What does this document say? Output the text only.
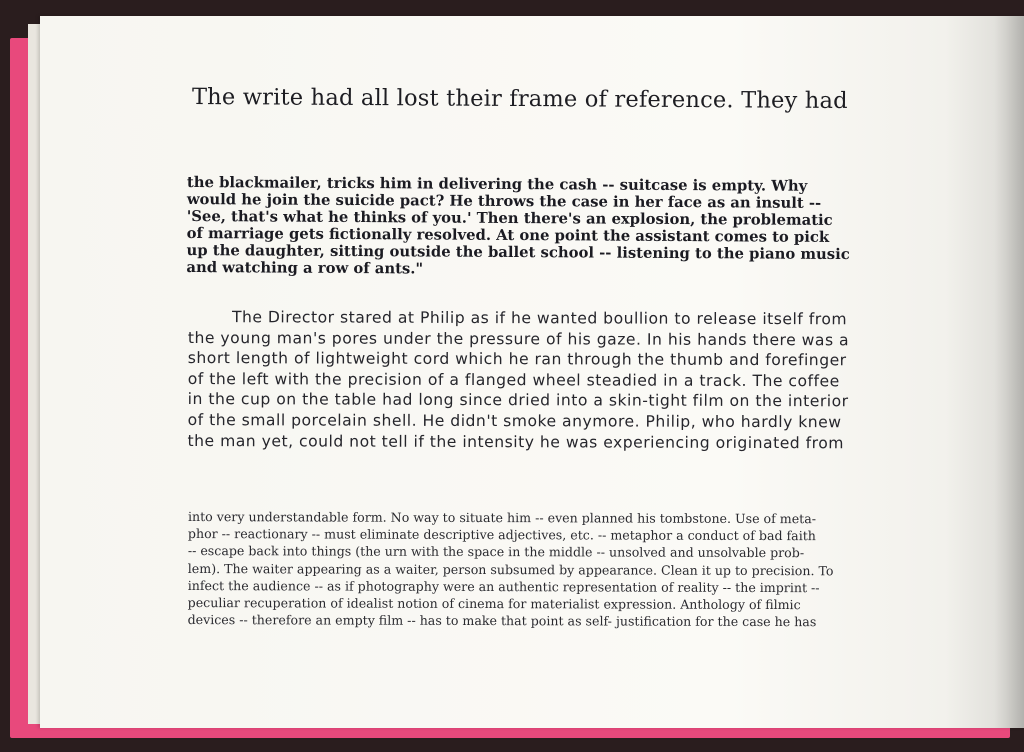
The write had all lost their frame of reference. They had
the blackmailer, tricks him in delivering the cash -- suitcase is empty. Why
would he join the suicide pact? He throws the case in her face as an insult --
'See, that's what he thinks of you.' Then there's an explosion, the problematic
of marriage gets fictionally resolved. At one point the assistant comes to pick
up the daughter, sitting outside the ballet school -- listening to the piano music
and watching a row of ants."
The Director stared at Philip as if he wanted boullion to release itself from
the young man's pores under the pressure of his gaze. In his hands there was a
short length of lightweight cord which he ran through the thumb and forefinger
of the left with the precision of a flanged wheel steadied in a track. The coffee
in the cup on the table had long since dried into a skin-tight film on the interior
of the small porcelain shell. He didn't smoke anymore. Philip, who hardly knew
the man yet, could not tell if the intensity he was experiencing originated from
into very understandable form. No way to situate him -- even planned his tombstone. Use of meta-
phor -- reactionary -- must eliminate descriptive adjectives, etc. -- metaphor a conduct of bad faith
-- escape back into things (the urn with the space in the middle -- unsolved and unsolvable prob-
lem). The waiter appearing as a waiter, person subsumed by appearance. Clean it up to precision. To
infect the audience -- as if photography were an authentic representation of reality -- the imprint --
peculiar recuperation of idealist notion of cinema for materialist expression. Anthology of filmic
devices -- therefore an empty film -- has to make that point as self- justification for the case he has
